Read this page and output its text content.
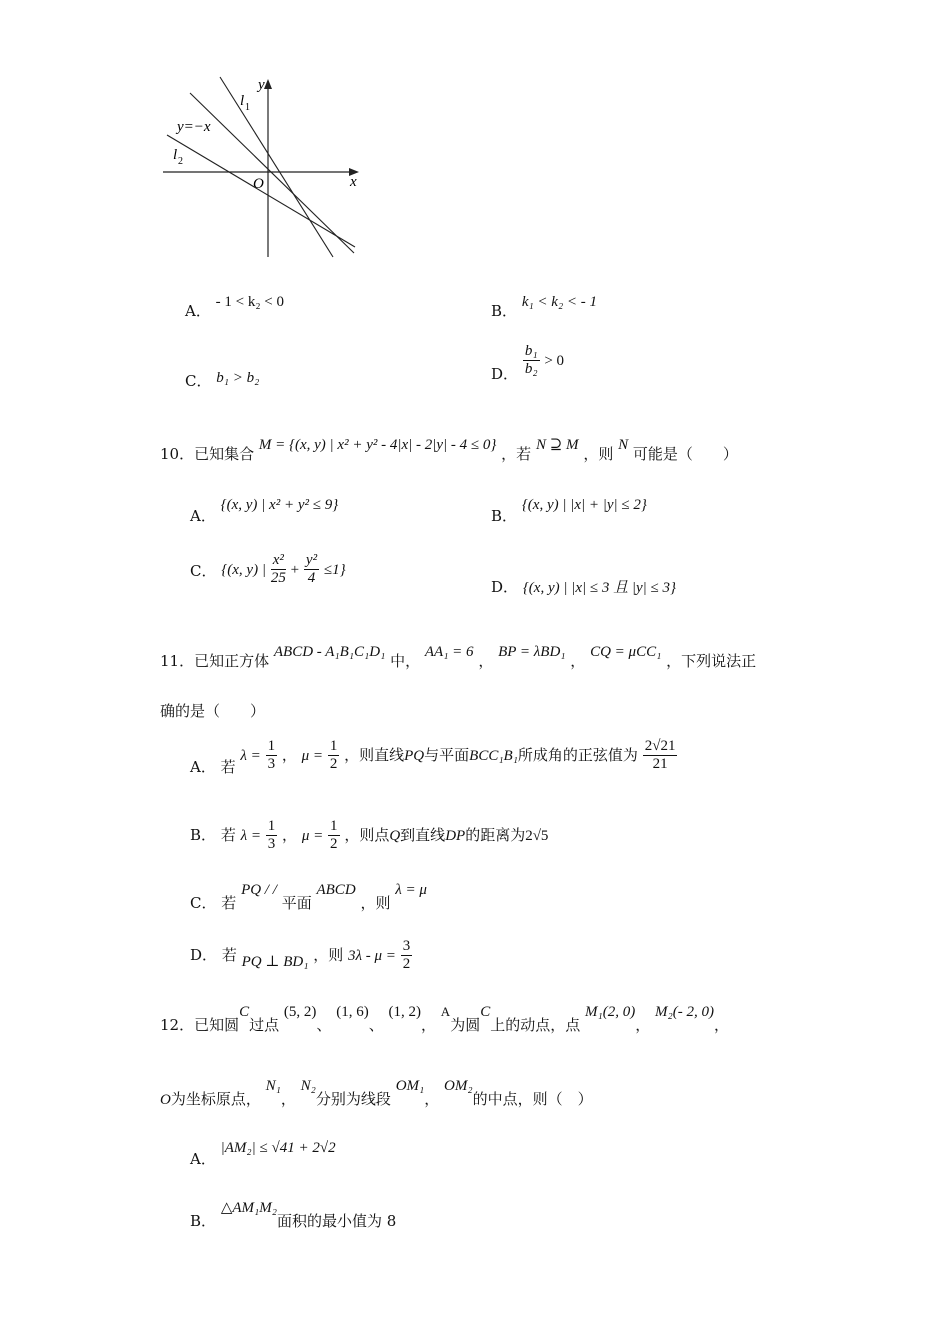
y
x
O
l 1
y=−x
l 2
A． - 1 < k₂ < 0	B． k₁ < k₂ < - 1
C． b₁ > b₂	D． $\frac{\text{b₁}}{\text{b₂}} > 0$
10．已知集合 M = {(x, y) | x² + y² - 4|x| - 2|y| - 4 ≤ 0} ，若 N ⊇ M ，则 N 可能是（　　）
A． {(x, y) | x² + y² ≤ 9}
B． {(x, y) | |x| + |y| ≤ 2}
C． {(x, y) | $\frac{\text{x²}}{25} + \frac{\text{y²}}{4} \le 1$}
D． {(x, y) | |x| ≤ 3 且 |y| ≤ 3}
11．已知正方体 ABCD - A₁B₁C₁D₁ 中， AA₁ = 6 ， BP = λBD₁ ， CQ = μCC₁ ，下列说法正
确的是（　　）
A． 若 $\lambda = \frac{1}{3}$ ， $\mu = \frac{1}{2}$ ，则直线PQ与平面BCC₁B₁所成角的正弦值为 $\frac{2√21}{21}$
B． 若 $\lambda = \frac{1}{3}$ ， $\mu = \frac{1}{2}$ ，则点Q到直线DP的距离为2√5
C． 若 PQ / / 平面 ABCD ，则 λ = μ
D． 若 PQ ⊥ BD₁ ，则 $3\lambda - \mu = \frac{3}{2}$
12．已知圆C过点 (5, 2)、 (1, 6)、 (1, 2)， A为圆C上的动点，点 M₁(2, 0)， M₂(- 2, 0)，
O为坐标原点， N₁， N₂分别为线段 OM₁， OM₂的中点，则（　）
A． |AM₂| ≤ √41 + 2√2
B． △AM₁M₂面积的最小值为 8
